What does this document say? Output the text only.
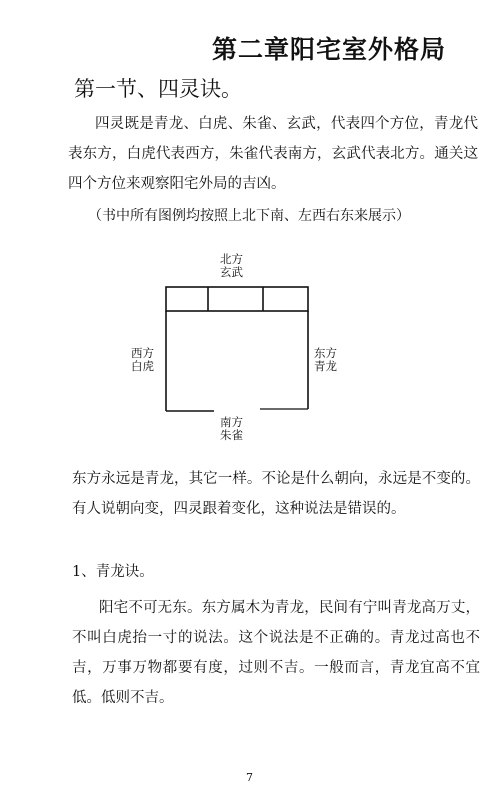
第二章阳宅室外格局
第一节、四灵诀。

四灵既是青龙、白虎、朱雀、玄武，代表四个方位，青龙代表东方，白虎代表西方，朱雀代表南方，玄武代表北方。通关这四个方位来观察阳宅外局的吉凶。

（书中所有图例均按照上北下南、左西右东来展示）
北方
玄武
西方
白虎
东方
青龙
南方
朱雀

东方永远是青龙，其它一样。不论是什么朝向，永远是不变的。有人说朝向变，四灵跟着变化，这种说法是错误的。

1、青龙诀。

阳宅不可无东。东方属木为青龙，民间有宁叫青龙高万丈，不叫白虎抬一寸的说法。这个说法是不正确的。青龙过高也不吉，万事万物都要有度，过则不吉。一般而言，青龙宜高不宜低。低则不吉。

7
